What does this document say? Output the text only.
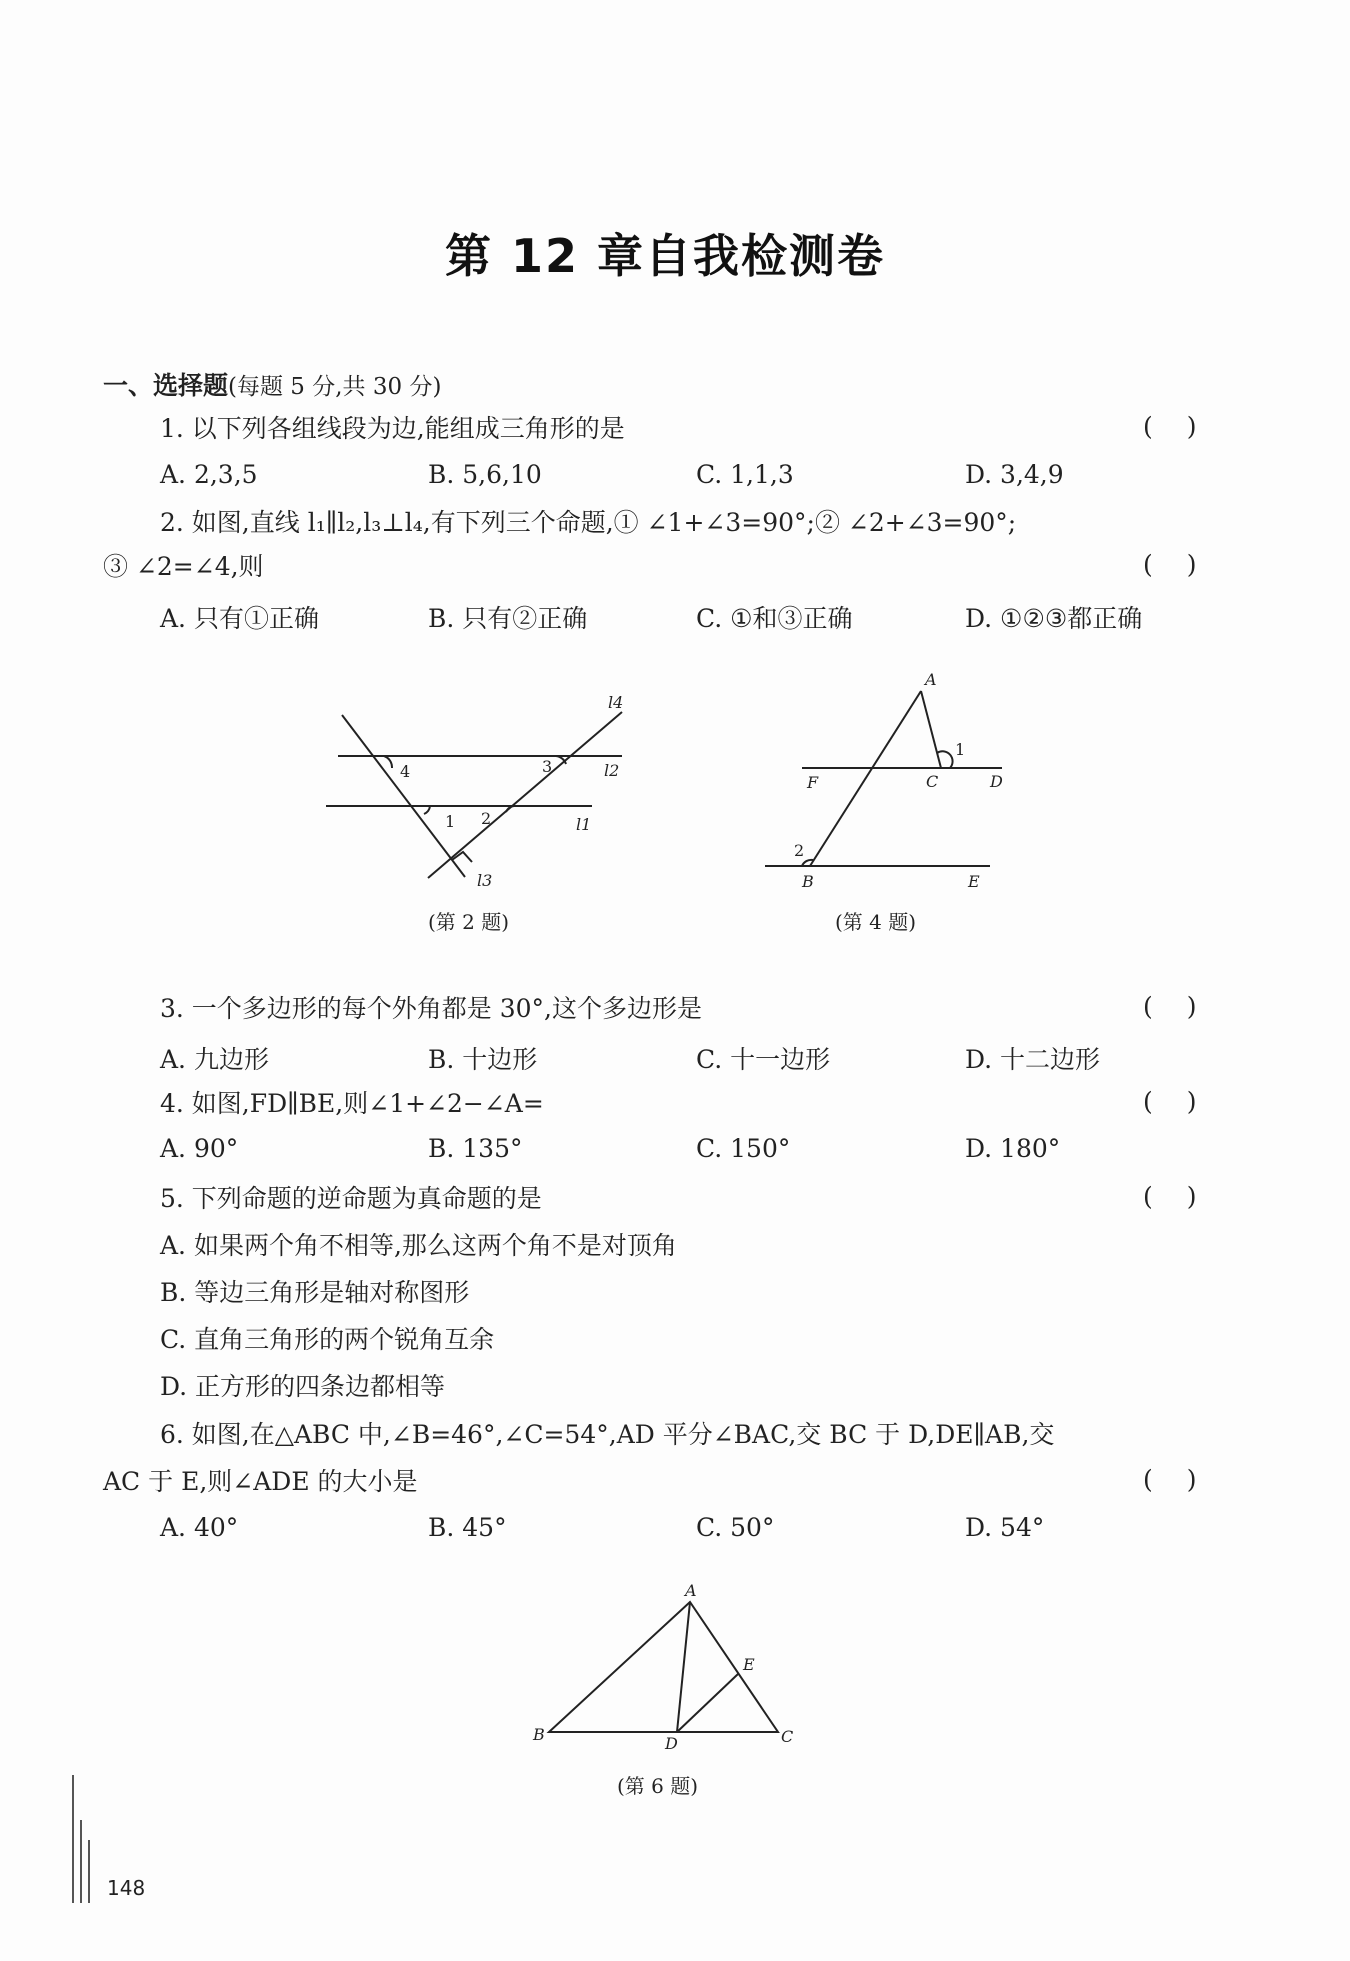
第 12 章自我检测卷
一、选择题(每题 5 分,共 30 分)
1. 以下列各组线段为边,能组成三角形的是	()
A. 2,3,5	B. 5,6,10	C. 1,1,3	D. 3,4,9
2. 如图,直线 l₁∥l₂,l₃⊥l₄,有下列三个命题,① ∠1+∠3=90°;② ∠2+∠3=90°;
③ ∠2=∠4,则	()
A. 只有①正确	B. 只有②正确	C. ①和③正确	D. ①②③都正确
l4
4	3	l2
1 2	l1
l3
(第 2 题)
A
1
F	C	D
2
B	E
(第 4 题)
3. 一个多边形的每个外角都是 30°,这个多边形是	()
A. 九边形	B. 十边形	C. 十一边形	D. 十二边形
4. 如图,FD∥BE,则∠1+∠2−∠A=	()
A. 90°	B. 135°	C. 150°	D. 180°
5. 下列命题的逆命题为真命题的是	()
A. 如果两个角不相等,那么这两个角不是对顶角
B. 等边三角形是轴对称图形
C. 直角三角形的两个锐角互余
D. 正方形的四条边都相等
6. 如图,在△ABC 中,∠B=46°,∠C=54°,AD 平分∠BAC,交 BC 于 D,DE∥AB,交
AC 于 E,则∠ADE 的大小是	()
A. 40°	B. 45°	C. 50°	D. 54°
A
E
B	D	C
(第 6 题)
148
